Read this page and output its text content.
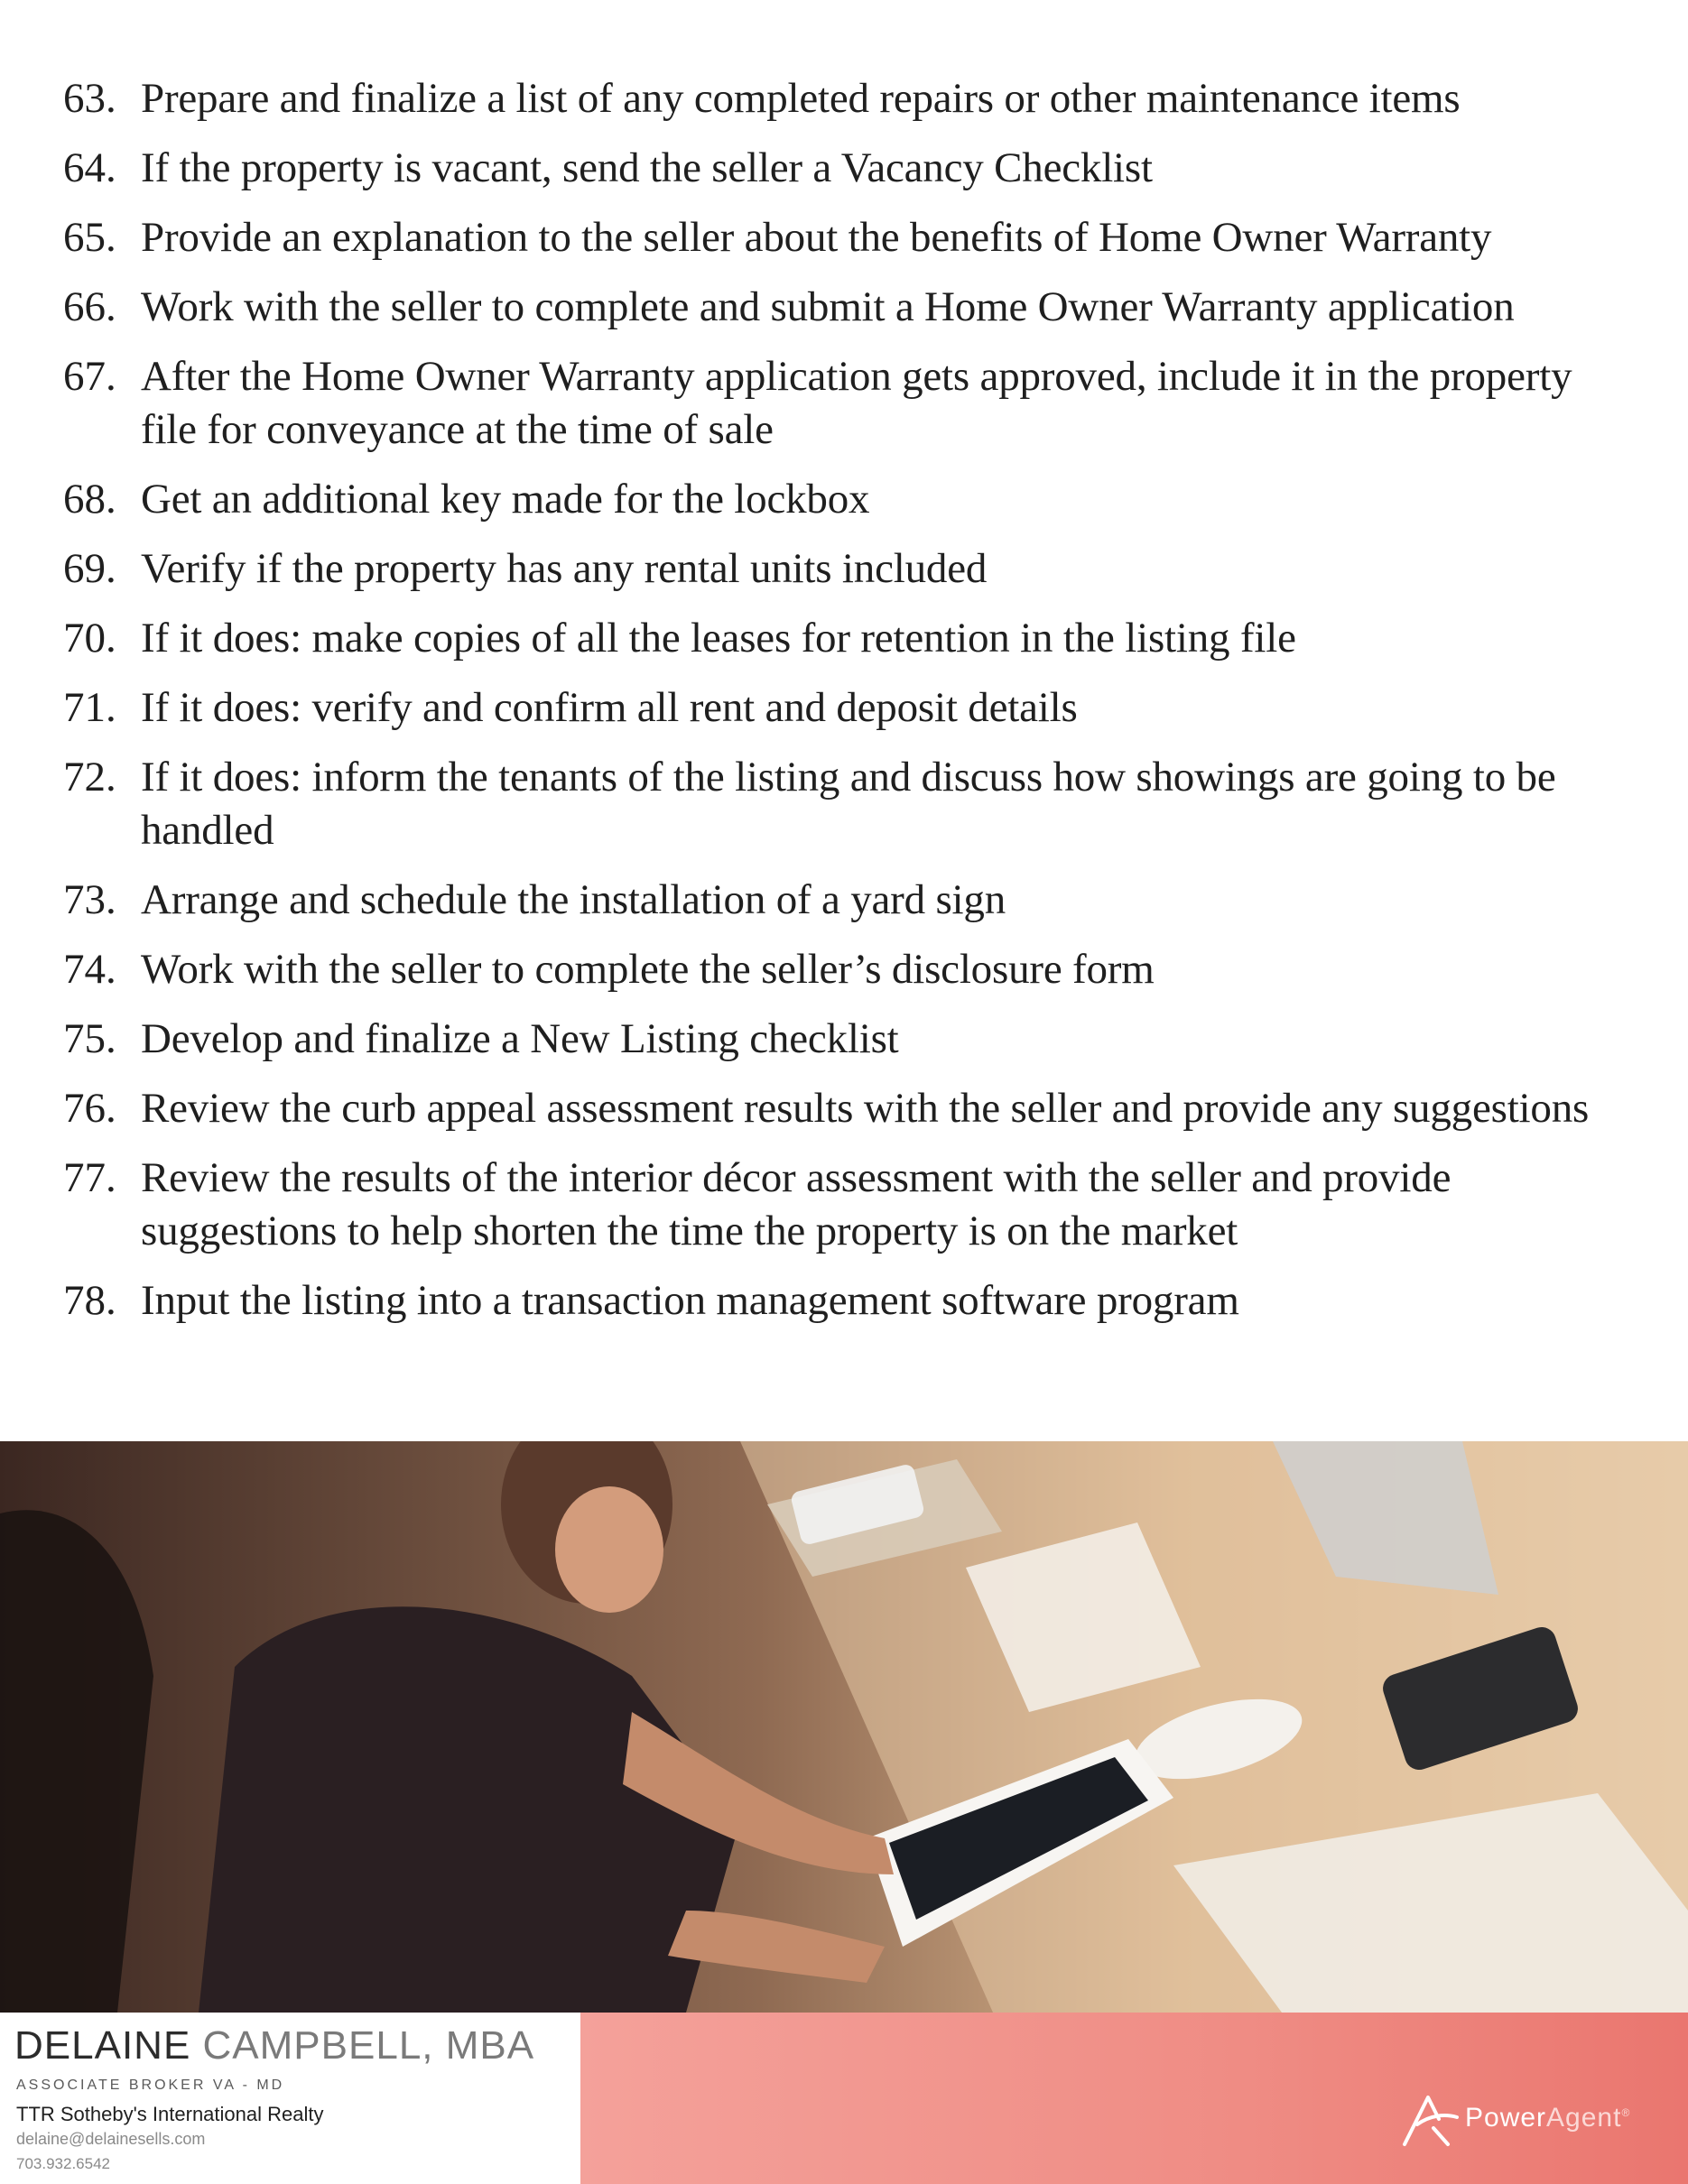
63. Prepare and finalize a list of any completed repairs or other maintenance items
64. If the property is vacant, send the seller a Vacancy Checklist
65. Provide an explanation to the seller about the benefits of Home Owner Warranty
66. Work with the seller to complete and submit a Home Owner Warranty application
67. After the Home Owner Warranty application gets approved, include it in the property file for conveyance at the time of sale
68. Get an additional key made for the lockbox
69. Verify if the property has any rental units included
70. If it does: make copies of all the leases for retention in the listing file
71. If it does: verify and confirm all rent and deposit details
72. If it does: inform the tenants of the listing and discuss how showings are going to be handled
73. Arrange and schedule the installation of a yard sign
74. Work with the seller to complete the seller’s disclosure form
75. Develop and finalize a New Listing checklist
76. Review the curb appeal assessment results with the seller and provide any suggestions
77. Review the results of the interior décor assessment with the seller and provide suggestions to help shorten the time the property is on the market
78. Input the listing into a transaction management software program
DELAINE CAMPBELL, MBA
ASSOCIATE BROKER VA - MD
TTR Sotheby's International Realty
delaine@delainesells.com
703.932.6542
PowerAgent®
